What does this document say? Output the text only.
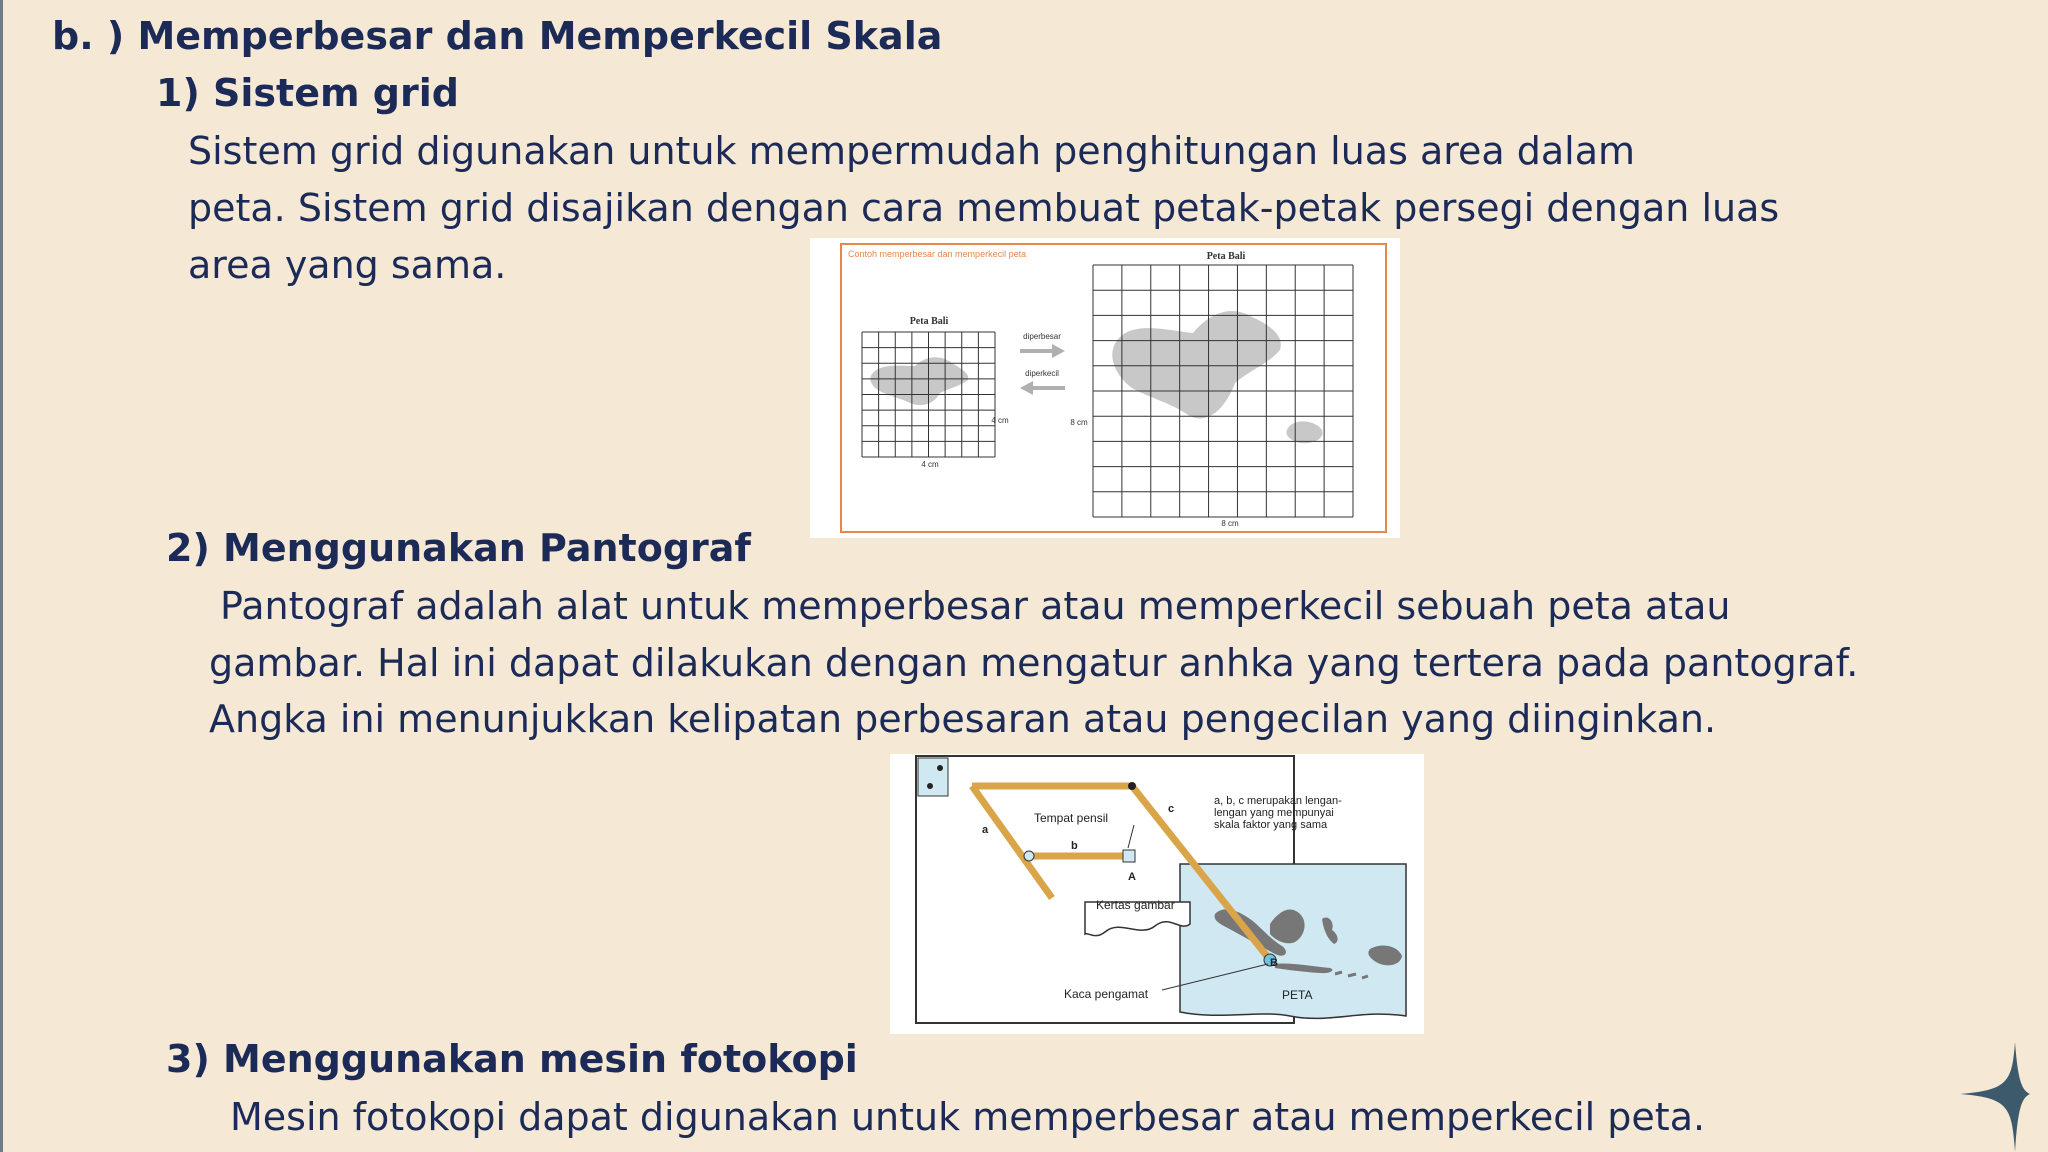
b. ) Memperbesar dan Memperkecil Skala

1) Sistem grid

Sistem grid digunakan untuk mempermudah penghitungan luas area dalam

peta. Sistem grid disajikan dengan cara membuat petak-petak persegi dengan luas

area yang sama.	Contoh memperbesar dan memperkecil peta
Peta Bali
4 cm
4 cm
diperbesar
diperkecil
Peta Bali
8 cm
8 cm

2) Menggunakan Pantograf

Pantograf adalah alat untuk memperbesar atau memperkecil sebuah peta atau

gambar. Hal ini dapat dilakukan dengan mengatur anhka yang tertera pada pantograf.

Angka ini menunjukkan kelipatan perbesaran atau pengecilan yang diinginkan.

a
b
c
A
B
Tempat pensil
Kertas gambar
Kaca pengamat	PETA
a, b, c merupakan lengan-
lengan yang mempunyai
skala faktor yang sama

3) Menggunakan mesin fotokopi

Mesin fotokopi dapat digunakan untuk memperbesar atau memperkecil peta.
